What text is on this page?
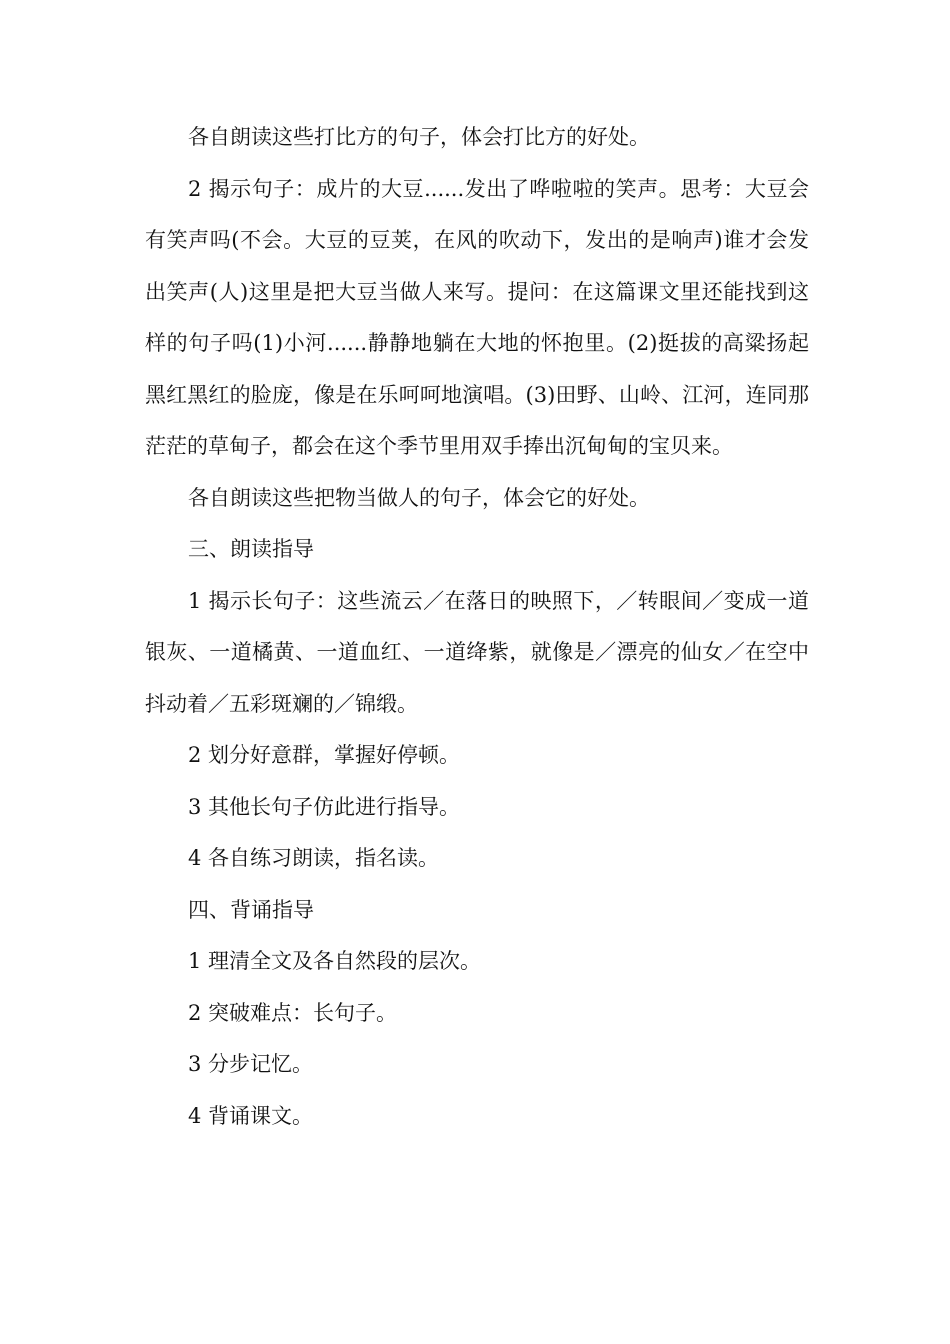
各自朗读这些打比方的句子，体会打比方的好处。

2 揭示句子：成片的大豆......发出了哗啦啦的笑声。思考：大豆会有笑声吗(不会。大豆的豆荚，在风的吹动下，发出的是响声)谁才会发出笑声(人)这里是把大豆当做人来写。提问：在这篇课文里还能找到这样的句子吗(1)小河......静静地躺在大地的怀抱里。(2)挺拔的高粱扬起黑红黑红的脸庞，像是在乐呵呵地演唱。(3)田野、山岭、江河，连同那茫茫的草甸子，都会在这个季节里用双手捧出沉甸甸的宝贝来。

各自朗读这些把物当做人的句子，体会它的好处。

三、朗读指导

1 揭示长句子：这些流云／在落日的映照下，／转眼间／变成一道银灰、一道橘黄、一道血红、一道绛紫，就像是／漂亮的仙女／在空中抖动着／五彩斑斓的／锦缎。

2 划分好意群，掌握好停顿。

3 其他长句子仿此进行指导。

4 各自练习朗读，指名读。

四、背诵指导

1 理清全文及各自然段的层次。

2 突破难点：长句子。

3 分步记忆。

4 背诵课文。
